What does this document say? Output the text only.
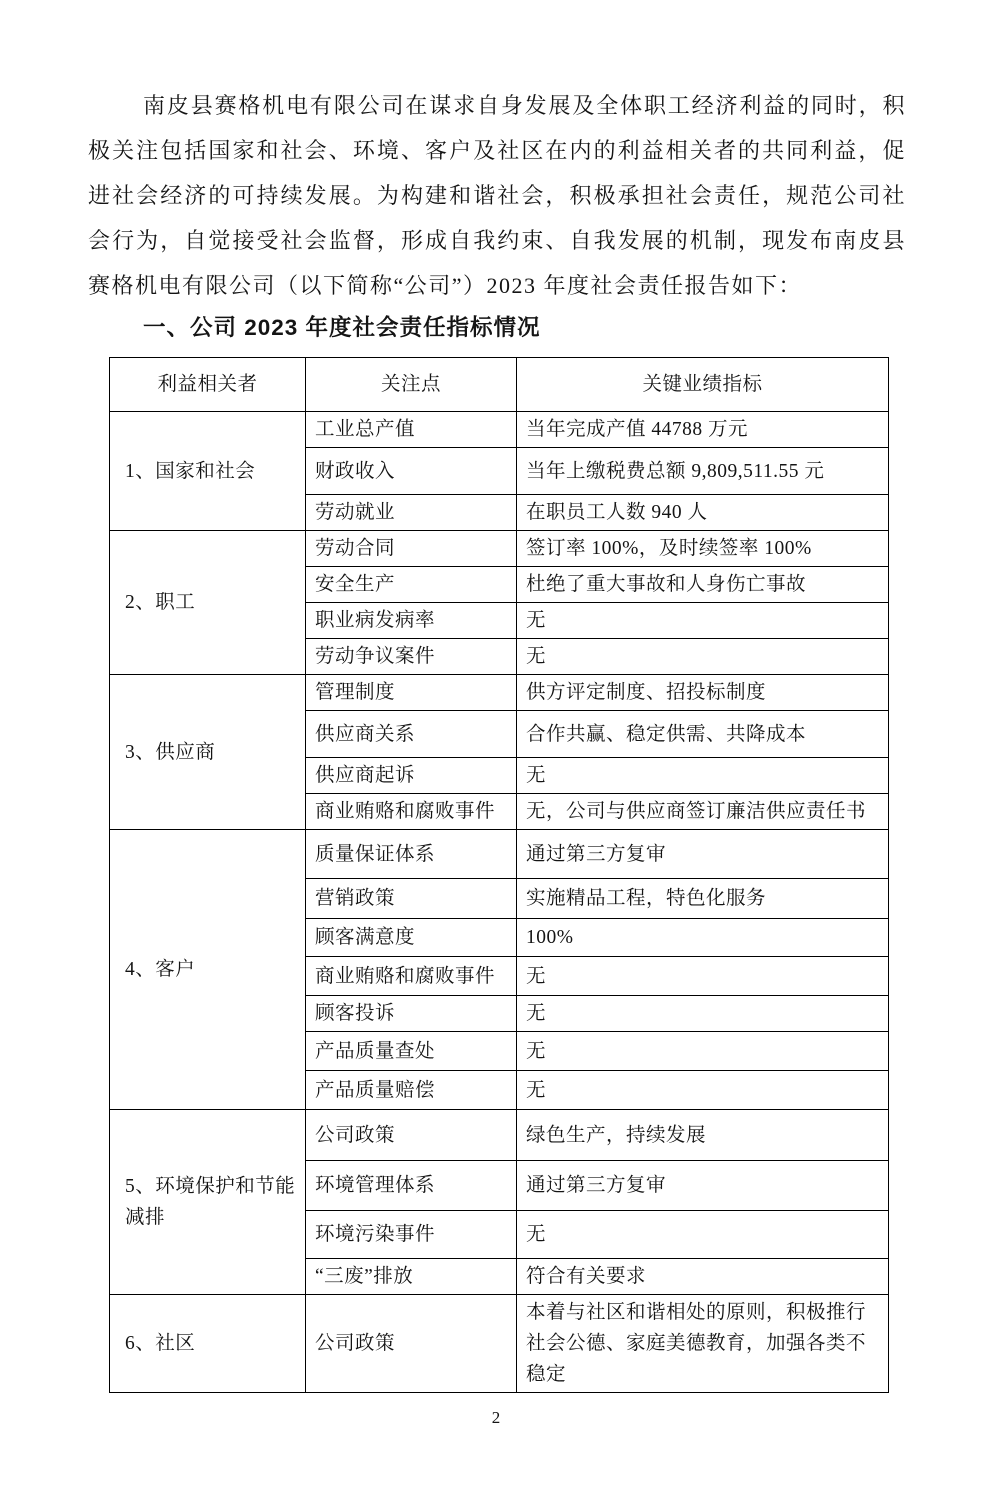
南皮县赛格机电有限公司在谋求自身发展及全体职工经济利益的同时，积极关注包括国家和社会、环境、客户及社区在内的利益相关者的共同利益，促进社会经济的可持续发展。为构建和谐社会，积极承担社会责任，规范公司社会行为，自觉接受社会监督，形成自我约束、自我发展的机制，现发布南皮县赛格机电有限公司（以下简称“公司”）2023 年度社会责任报告如下：

一、公司 2023 年度社会责任指标情况
利益相关者	关注点	关键业绩指标
1、国家和社会	工业总产值	当年完成产值 44788 万元
	财政收入	当年上缴税费总额 9,809,511.55 元
	劳动就业	在职员工人数 940 人
2、职工	劳动合同	签订率 100%，及时续签率 100%
	安全生产	杜绝了重大事故和人身伤亡事故
	职业病发病率	无
	劳动争议案件	无
3、供应商	管理制度	供方评定制度、招投标制度
	供应商关系	合作共赢、稳定供需、共降成本
	供应商起诉	无
	商业贿赂和腐败事件	无，公司与供应商签订廉洁供应责任书
4、客户	质量保证体系	通过第三方复审
	营销政策	实施精品工程，特色化服务
	顾客满意度	100%
	商业贿赂和腐败事件	无
	顾客投诉	无
	产品质量查处	无
	产品质量赔偿	无
5、环境保护和节能减排	公司政策	绿色生产，持续发展
	环境管理体系	通过第三方复审
	环境污染事件	无
	“三废”排放	符合有关要求
6、社区	公司政策	本着与社区和谐相处的原则，积极推行社会公德、家庭美德教育，加强各类不稳定
2
